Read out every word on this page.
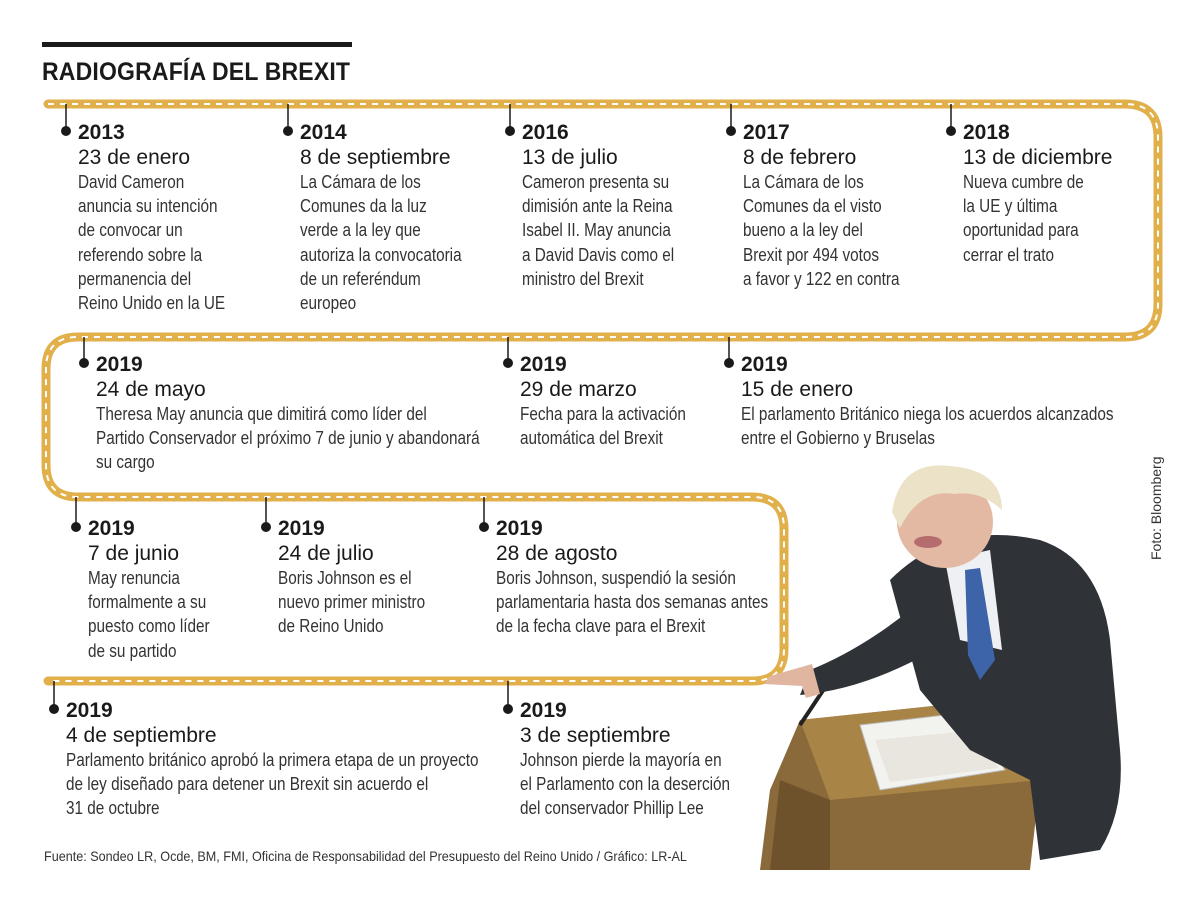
RADIOGRAFÍA DEL BREXIT
2013
23 de enero
David Cameron
anuncia su intención
de convocar un
referendo sobre la
permanencia del
Reino Unido en la UE
2014
8 de septiembre
La Cámara de los
Comunes da la luz
verde a la ley que
autoriza la convocatoria
de un referéndum
europeo
2016
13 de julio
Cameron presenta su
dimisión ante la Reina
Isabel II. May anuncia
a David Davis como el
ministro del Brexit
2017
8 de febrero
La Cámara de los
Comunes da el visto
bueno a la ley del
Brexit por 494 votos
a favor y 122 en contra
2018
13 de diciembre
Nueva cumbre de
la UE y última
oportunidad para
cerrar el trato
2019
24 de mayo
Theresa May anuncia que dimitirá como líder del
Partido Conservador el próximo 7 de junio y abandonará
su cargo
2019
29 de marzo
Fecha para la activación
automática del Brexit
2019
15 de enero
El parlamento Británico niega los acuerdos alcanzados
entre el Gobierno y Bruselas
2019
7 de junio
May renuncia
formalmente a su
puesto como líder
de su partido
2019
24 de julio
Boris Johnson es el
nuevo primer ministro
de Reino Unido
2019
28 de agosto
Boris Johnson, suspendió la sesión
parlamentaria hasta dos semanas antes
de la fecha clave para el Brexit
2019
4 de septiembre
Parlamento británico aprobó la primera etapa de un proyecto
de ley diseñado para detener un Brexit sin acuerdo el
31 de octubre
2019
3 de septiembre
Johnson pierde la mayoría en
el Parlamento con la deserción
del conservador Phillip Lee
Foto: Bloomberg
Fuente: Sondeo LR, Ocde, BM, FMI, Oficina de Responsabilidad del Presupuesto del Reino Unido / Gráfico: LR-AL
